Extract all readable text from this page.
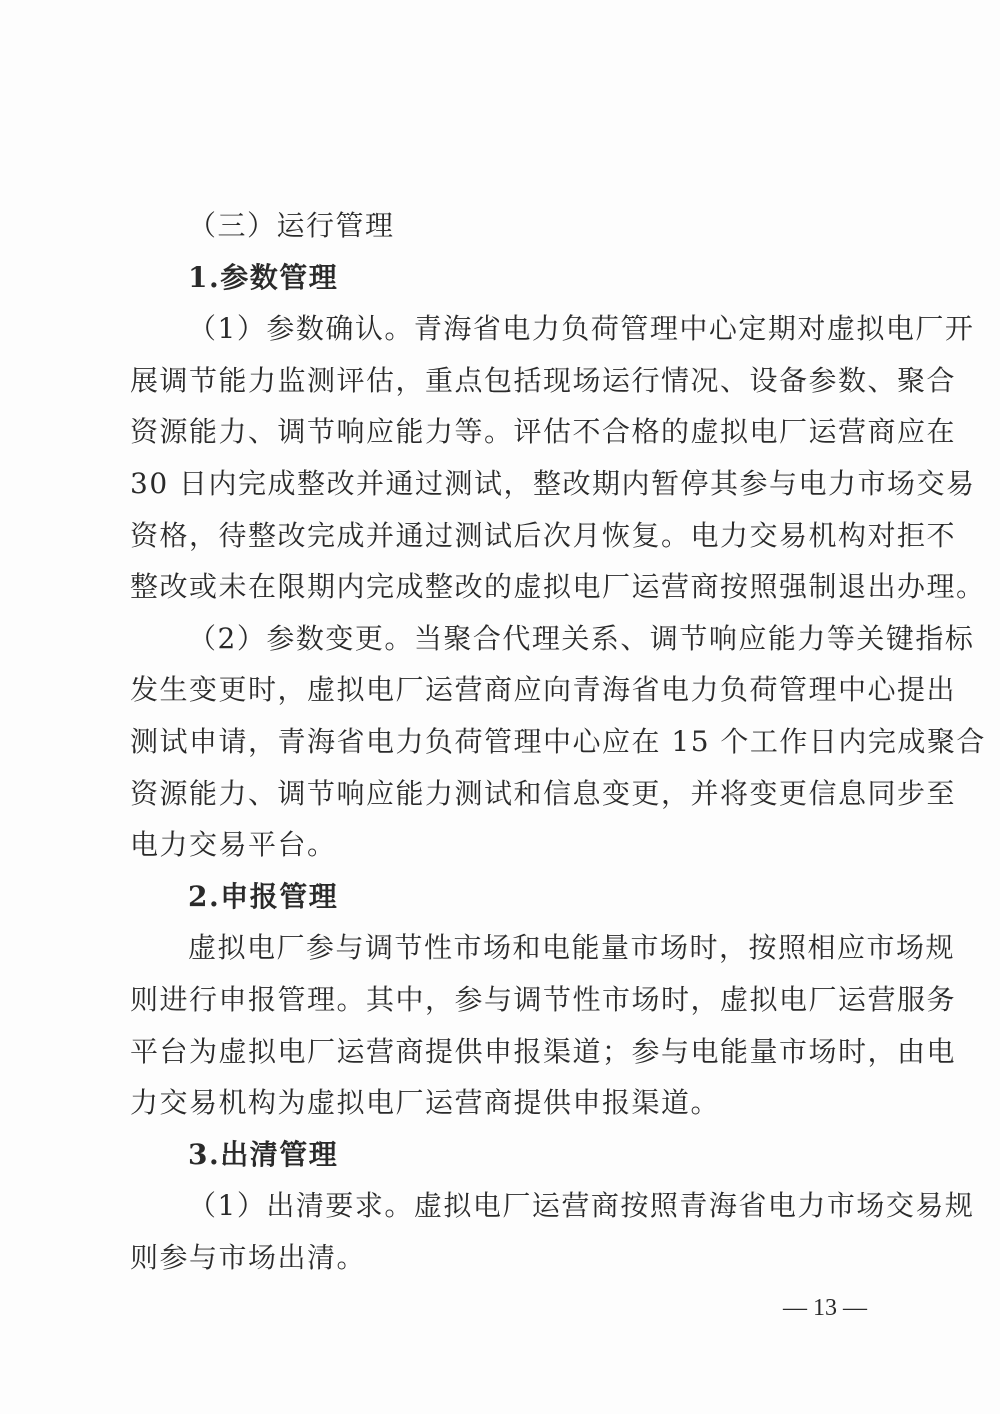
（三）运行管理
1.参数管理
（1）参数确认。青海省电力负荷管理中心定期对虚拟电厂开
展调节能力监测评估，重点包括现场运行情况、设备参数、聚合
资源能力、调节响应能力等。评估不合格的虚拟电厂运营商应在
30 日内完成整改并通过测试，整改期内暂停其参与电力市场交易
资格，待整改完成并通过测试后次月恢复。电力交易机构对拒不
整改或未在限期内完成整改的虚拟电厂运营商按照强制退出办理。
（2）参数变更。当聚合代理关系、调节响应能力等关键指标
发生变更时，虚拟电厂运营商应向青海省电力负荷管理中心提出
测试申请，青海省电力负荷管理中心应在 15 个工作日内完成聚合
资源能力、调节响应能力测试和信息变更，并将变更信息同步至
电力交易平台。
2.申报管理
虚拟电厂参与调节性市场和电能量市场时，按照相应市场规
则进行申报管理。其中，参与调节性市场时，虚拟电厂运营服务
平台为虚拟电厂运营商提供申报渠道；参与电能量市场时，由电
力交易机构为虚拟电厂运营商提供申报渠道。
3.出清管理
（1）出清要求。虚拟电厂运营商按照青海省电力市场交易规
则参与市场出清。
— 13 —
